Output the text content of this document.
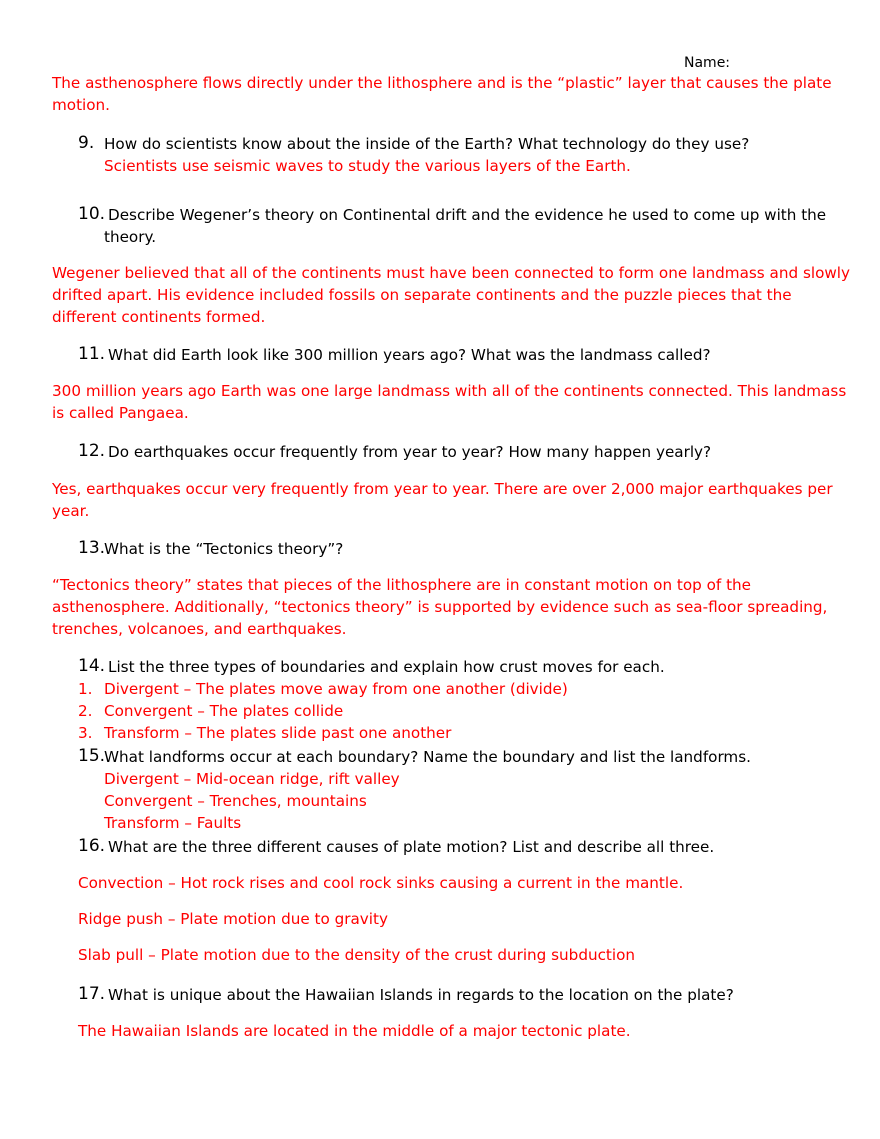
Name:
The asthenosphere flows directly under the lithosphere and is the “plastic” layer that causes the plate
motion.
9. How do scientists know about the inside of the Earth? What technology do they use?
Scientists use seismic waves to study the various layers of the Earth.
10. Describe Wegener’s theory on Continental drift and the evidence he used to come up with the
theory.
Wegener believed that all of the continents must have been connected to form one landmass and slowly
drifted apart. His evidence included fossils on separate continents and the puzzle pieces that the
different continents formed.
11. What did Earth look like 300 million years ago? What was the landmass called?
300 million years ago Earth was one large landmass with all of the continents connected. This landmass
is called Pangaea.
12. Do earthquakes occur frequently from year to year? How many happen yearly?
Yes, earthquakes occur very frequently from year to year. There are over 2,000 major earthquakes per
year.
13.
What is the “Tectonics theory”?
“Tectonics theory” states that pieces of the lithosphere are in constant motion on top of the
asthenosphere. Additionally, “tectonics theory” is supported by evidence such as sea-floor spreading,
trenches, volcanoes, and earthquakes.
14. List the three types of boundaries and explain how crust moves for each.
1. Divergent – The plates move away from one another (divide)
2. Convergent – The plates collide
3. Transform – The plates slide past one another
15.
What landforms occur at each boundary? Name the boundary and list the landforms.
Divergent – Mid-ocean ridge, rift valley
Convergent – Trenches, mountains
Transform – Faults
16. What are the three different causes of plate motion? List and describe all three.
Convection – Hot rock rises and cool rock sinks causing a current in the mantle.
Ridge push – Plate motion due to gravity
Slab pull – Plate motion due to the density of the crust during subduction
17. What is unique about the Hawaiian Islands in regards to the location on the plate?
The Hawaiian Islands are located in the middle of a major tectonic plate.
